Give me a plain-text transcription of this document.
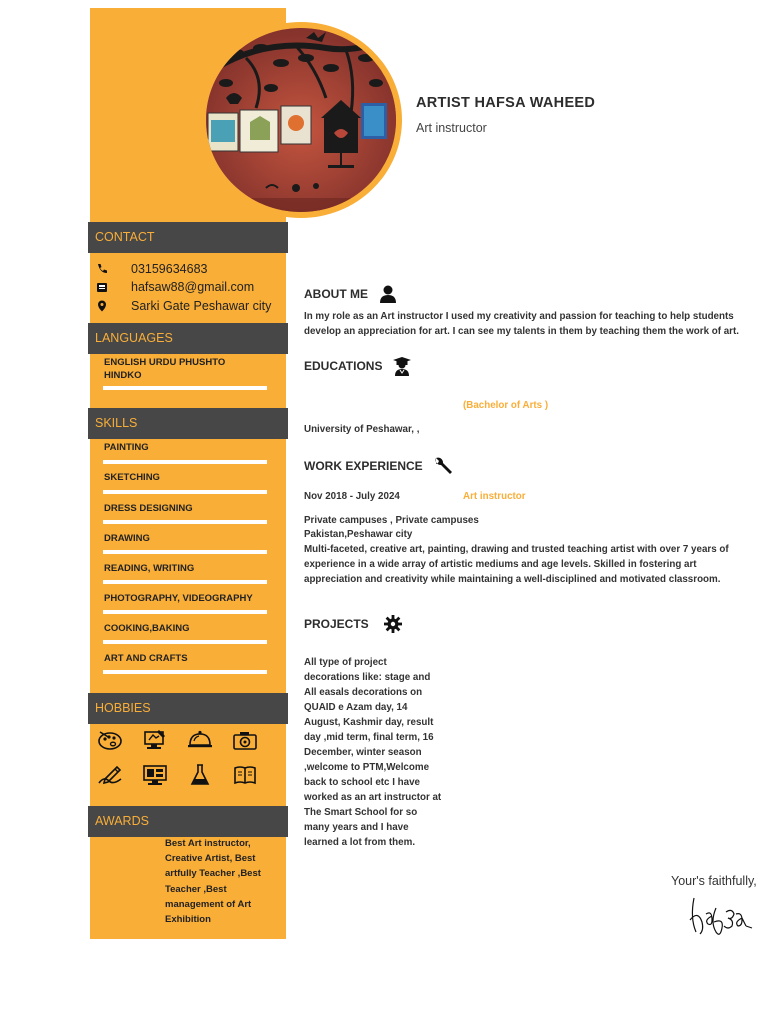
ARTIST HAFSA WAHEED
Art instructor
CONTACT
03159634683
hafsaw88@gmail.com
Sarki Gate Peshawar city
LANGUAGES
ENGLISH URDU PHUSHTO HINDKO
SKILLS
PAINTING
SKETCHING
DRESS DESIGNING
DRAWING
READING, WRITING
PHOTOGRAPHY, VIDEOGRAPHY
COOKING,BAKING
ART AND CRAFTS
HOBBIES
AWARDS
Best Art instructor, Creative Artist, Best artfully Teacher ,Best Teacher ,Best management of Art Exhibition
ABOUT ME
In my role as an Art instructor I used my creativity and passion for teaching to help students develop an appreciation for art. I can see my talents in them by teaching them the work of art.
EDUCATIONS
(Bachelor of Arts )
University of Peshawar, ,
WORK EXPERIENCE
Nov 2018 - July 2024	Art instructor
Private campuses , Private campuses
Pakistan,Peshawar city
Multi-faceted, creative art, painting, drawing and trusted teaching artist with over 7 years of experience in a wide array of artistic mediums and age levels. Skilled in fostering art appreciation and creativity while maintaining a well-disciplined and motivated classroom.
PROJECTS
All type of project decorations like: stage and All easals decorations on QUAID e Azam day, 14 August, Kashmir day, result day ,mid term, final term, 16 December, winter season ,welcome to PTM,Welcome back to school etc I have worked as an art instructor at The Smart School for so many years and I have learned a lot from them.
Your's faithfully,
